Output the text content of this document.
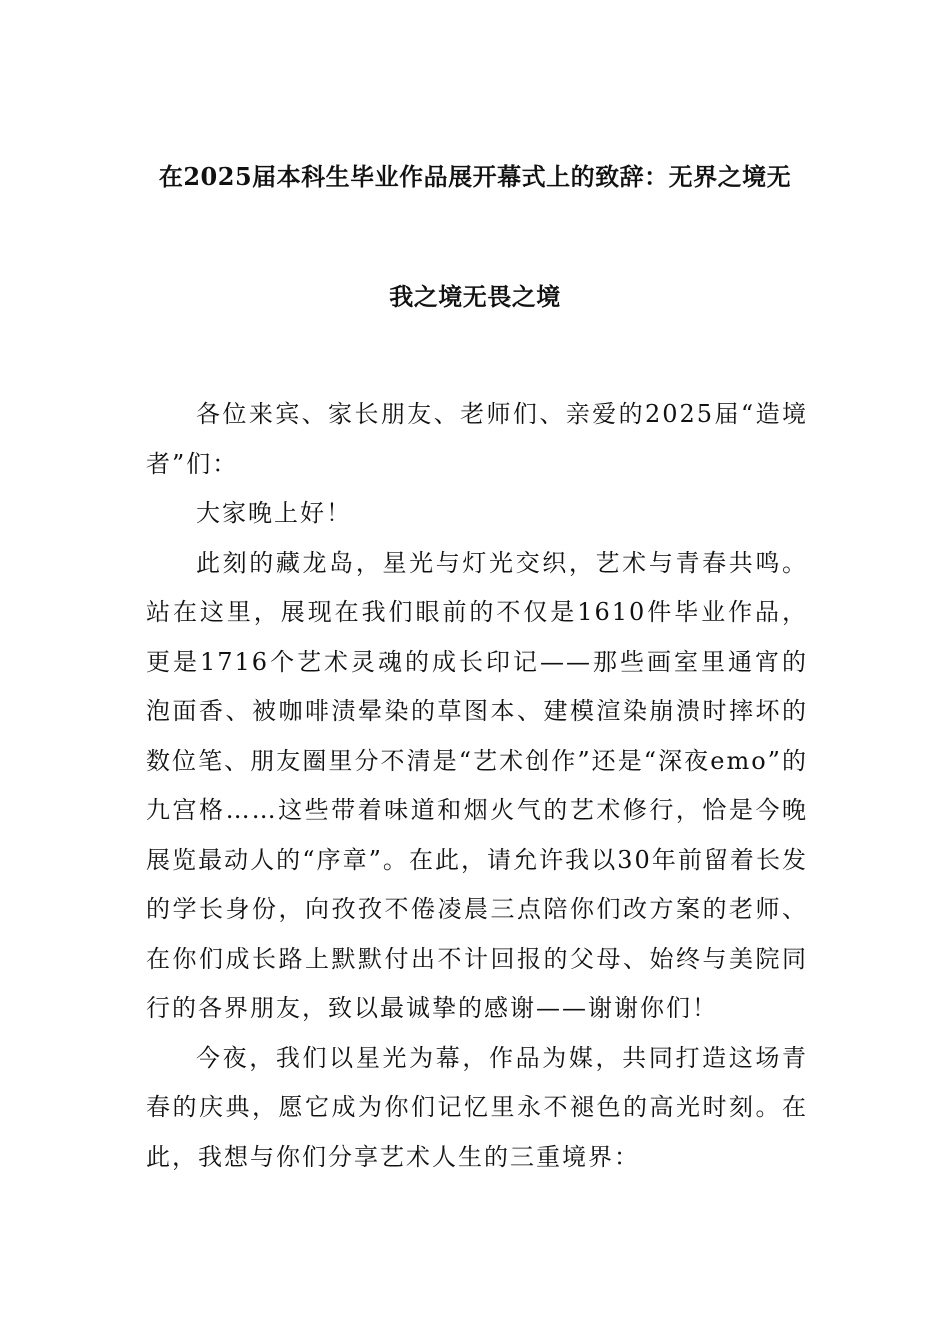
在2025届本科生毕业作品展开幕式上的致辞：无界之境无
我之境无畏之境

各位来宾、家长朋友、老师们、亲爱的2025届“造境者”们：

大家晚上好！

此刻的藏龙岛，星光与灯光交织，艺术与青春共鸣。站在这里，展现在我们眼前的不仅是1610件毕业作品，更是1716个艺术灵魂的成长印记——那些画室里通宵的泡面香、被咖啡渍晕染的草图本、建模渲染崩溃时摔坏的数位笔、朋友圈里分不清是“艺术创作”还是“深夜emo”的九宫格……这些带着味道和烟火气的艺术修行，恰是今晚展览最动人的“序章”。在此，请允许我以30年前留着长发的学长身份，向孜孜不倦凌晨三点陪你们改方案的老师、在你们成长路上默默付出不计回报的父母、始终与美院同行的各界朋友，致以最诚挚的感谢——谢谢你们！

今夜，我们以星光为幕，作品为媒，共同打造这场青春的庆典，愿它成为你们记忆里永不褪色的高光时刻。在此，我想与你们分享艺术人生的三重境界：
